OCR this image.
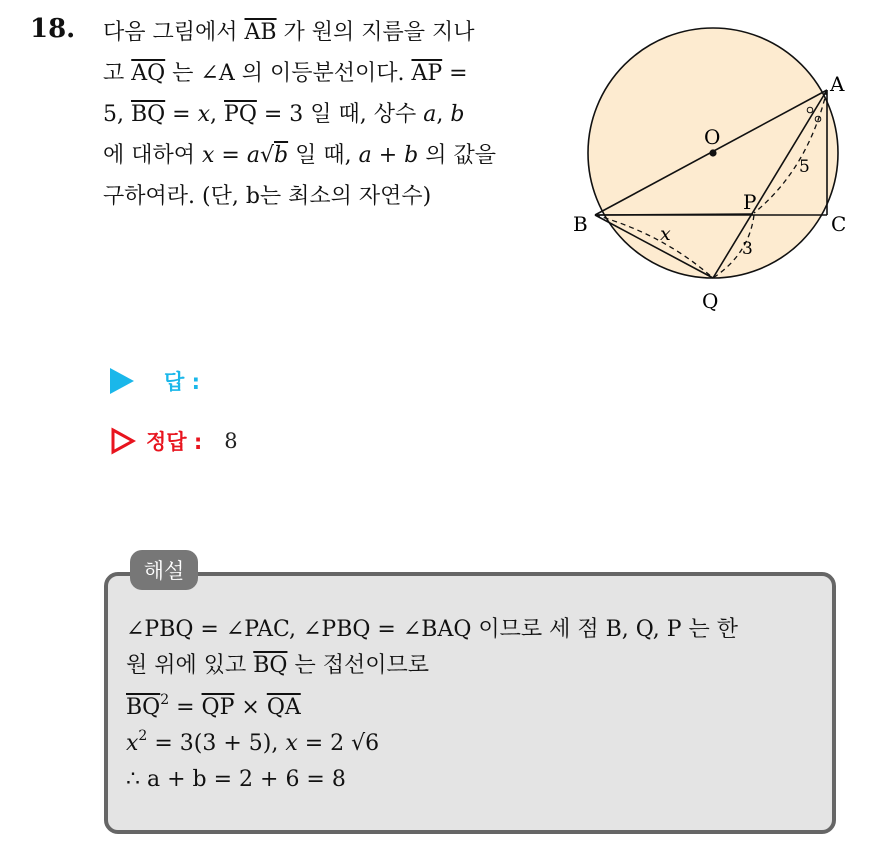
18. 다음 그림에서 $\overline{AB}$ 가 원의 지름을 지나
고 $\overline{AQ}$ 는 ∠A 의 이등분선이다. $\overline{AP}$ =
5, $\overline{BQ} = x$, $\overline{PQ} = 3$ 일 때, 상수 a, b
에 대하여 x = a√b 일 때, a + b 의 값을
구하여라. (단, b는 최소의 자연수)
O
A
B	C
P
Q
x
5
3
답 :
정답 : 8
해설
∠PBQ = ∠PAC, ∠PBQ = ∠BAQ 이므로 세 점 B, Q, P 는 한
원 위에 있고 $\overline{BQ}$ 는 접선이므로
$\overline{BQ}^2 = \overline{QP} \times \overline{QA}$
$x^2 = 3(3 + 5)$, x = 2 √6
∴ a + b = 2 + 6 = 8
